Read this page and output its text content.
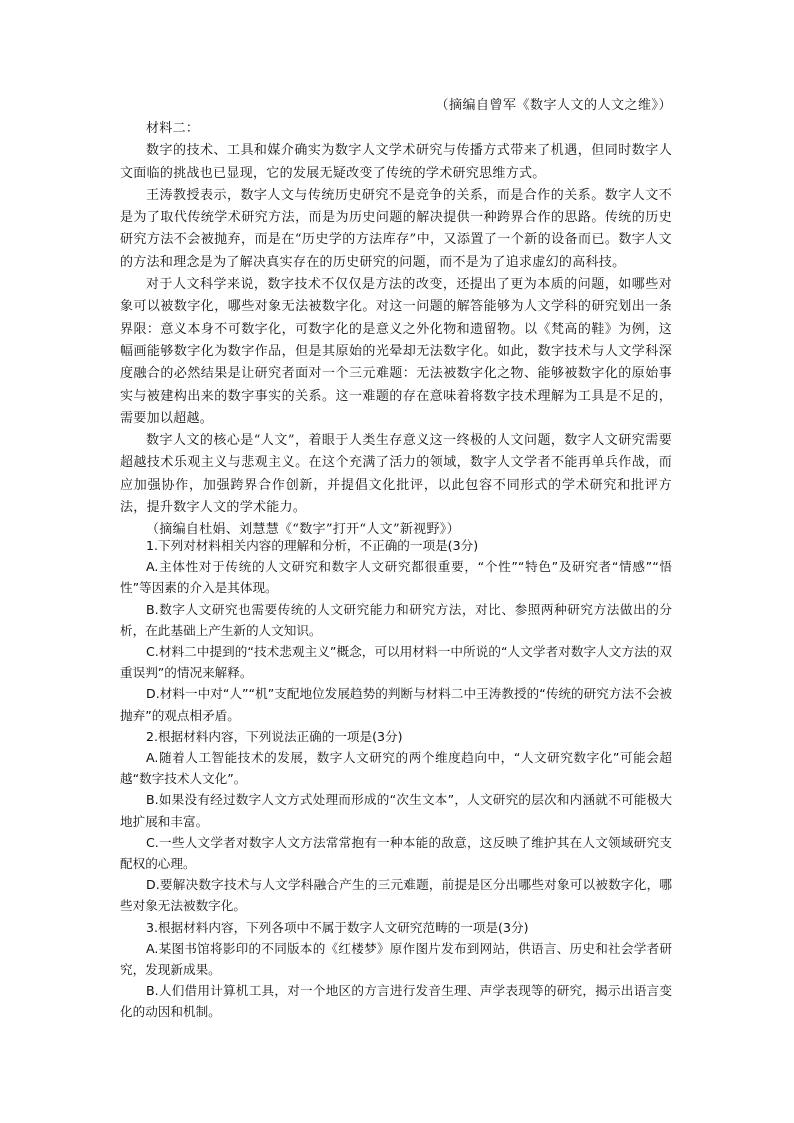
（摘编自曾军《数字人文的人文之维》）

材料二：

数字的技术、工具和媒介确实为数字人文学术研究与传播方式带来了机遇，但同时数字人文面临的挑战也已显现，它的发展无疑改变了传统的学术研究思维方式。

王涛教授表示，数字人文与传统历史研究不是竞争的关系，而是合作的关系。数字人文不是为了取代传统学术研究方法，而是为历史问题的解决提供一种跨界合作的思路。传统的历史研究方法不会被抛弃，而是在“历史学的方法库存”中，又添置了一个新的设备而已。数字人文的方法和理念是为了解决真实存在的历史研究的问题，而不是为了追求虚幻的高科技。

对于人文科学来说，数字技术不仅仅是方法的改变，还提出了更为本质的问题，如哪些对象可以被数字化，哪些对象无法被数字化。对这一问题的解答能够为人文学科的研究划出一条界限：意义本身不可数字化，可数字化的是意义之外化物和遗留物。以《梵高的鞋》为例，这幅画能够数字化为数字作品，但是其原始的光晕却无法数字化。如此，数字技术与人文学科深度融合的必然结果是让研究者面对一个三元难题：无法被数字化之物、能够被数字化的原始事实与被建构出来的数字事实的关系。这一难题的存在意味着将数字技术理解为工具是不足的，需要加以超越。

数字人文的核心是“人文”，着眼于人类生存意义这一终极的人文问题，数字人文研究需要超越技术乐观主义与悲观主义。在这个充满了活力的领域，数字人文学者不能再单兵作战，而应加强协作，加强跨界合作创新，并提倡文化批评，以此包容不同形式的学术研究和批评方法，提升数字人文的学术能力。

（摘编自杜娟、刘慧慧《“数字”打开“人文”新视野》）

1.下列对材料相关内容的理解和分析，不正确的一项是(3分)

A.主体性对于传统的人文研究和数字人文研究都很重要，“个性”“特色”及研究者“情感”“悟性”等因素的介入是其体现。

B.数字人文研究也需要传统的人文研究能力和研究方法，对比、参照两种研究方法做出的分析，在此基础上产生新的人文知识。

C.材料二中提到的“技术悲观主义”概念，可以用材料一中所说的“人文学者对数字人文方法的双重误判”的情况来解释。

D.材料一中对“人”“机”支配地位发展趋势的判断与材料二中王涛教授的“传统的研究方法不会被抛弃”的观点相矛盾。

2.根据材料内容，下列说法正确的一项是(3分)

A.随着人工智能技术的发展，数字人文研究的两个维度趋向中，“人文研究数字化”可能会超越“数字技术人文化”。

B.如果没有经过数字人文方式处理而形成的“次生文本”，人文研究的层次和内涵就不可能极大地扩展和丰富。

C.一些人文学者对数字人文方法常常抱有一种本能的敌意，这反映了维护其在人文领域研究支配权的心理。

D.要解决数字技术与人文学科融合产生的三元难题，前提是区分出哪些对象可以被数字化，哪些对象无法被数字化。

3.根据材料内容，下列各项中不属于数字人文研究范畴的一项是(3分)

A.某图书馆将影印的不同版本的《红楼梦》原作图片发布到网站，供语言、历史和社会学者研究，发现新成果。

B.人们借用计算机工具，对一个地区的方言进行发音生理、声学表现等的研究，揭示出语言变化的动因和机制。
